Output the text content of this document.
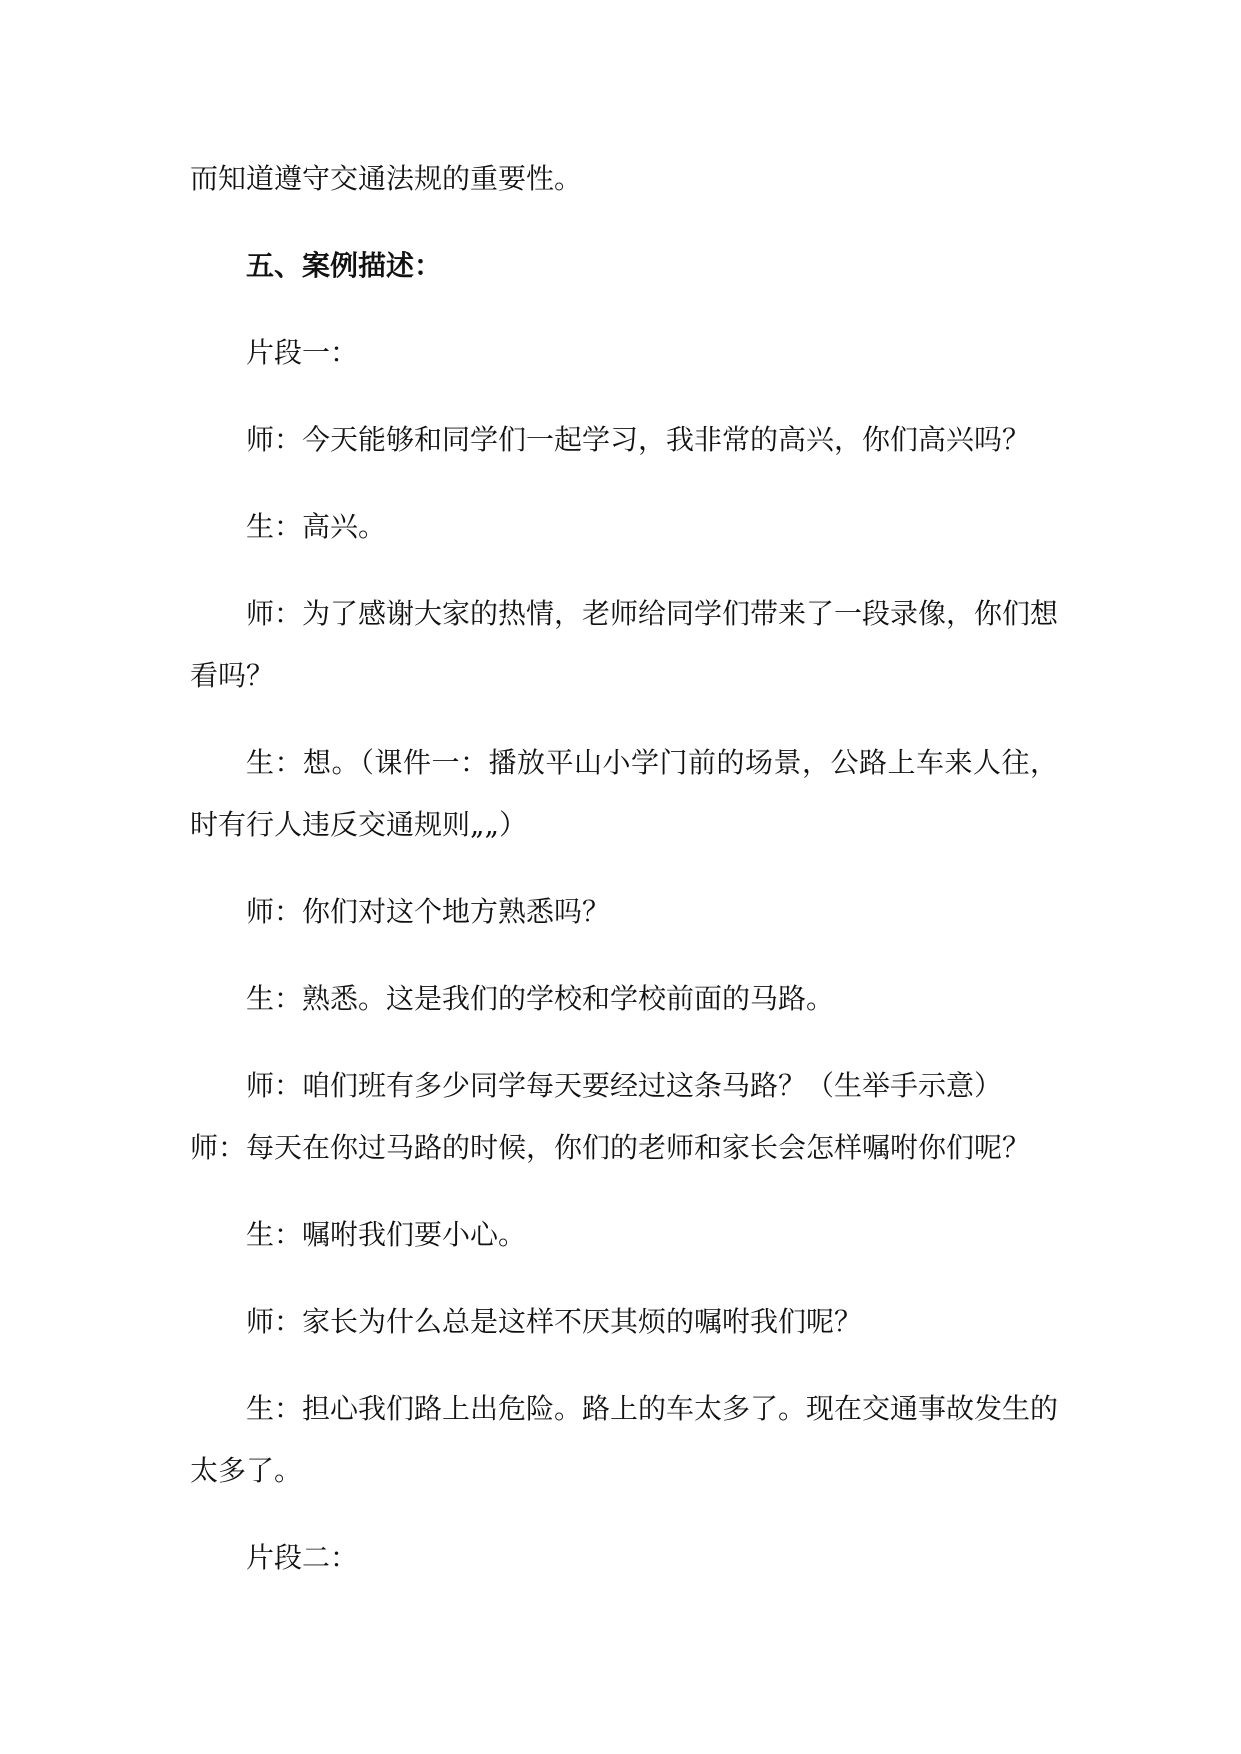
而知道遵守交通法规的重要性。

五、案例描述：

片段一：

师：今天能够和同学们一起学习，我非常的高兴，你们高兴吗？

生：高兴。

师：为了感谢大家的热情，老师给同学们带来了一段录像，你们想看吗？

生：想。（课件一：播放平山小学门前的场景，公路上车来人往，时有行人违反交通规则„„）

师：你们对这个地方熟悉吗？

生：熟悉。这是我们的学校和学校前面的马路。

师：咱们班有多少同学每天要经过这条马路？（生举手示意）

师：每天在你过马路的时候，你们的老师和家长会怎样嘱咐你们呢？

生：嘱咐我们要小心。

师：家长为什么总是这样不厌其烦的嘱咐我们呢？

生：担心我们路上出危险。路上的车太多了。现在交通事故发生的太多了。

片段二：
